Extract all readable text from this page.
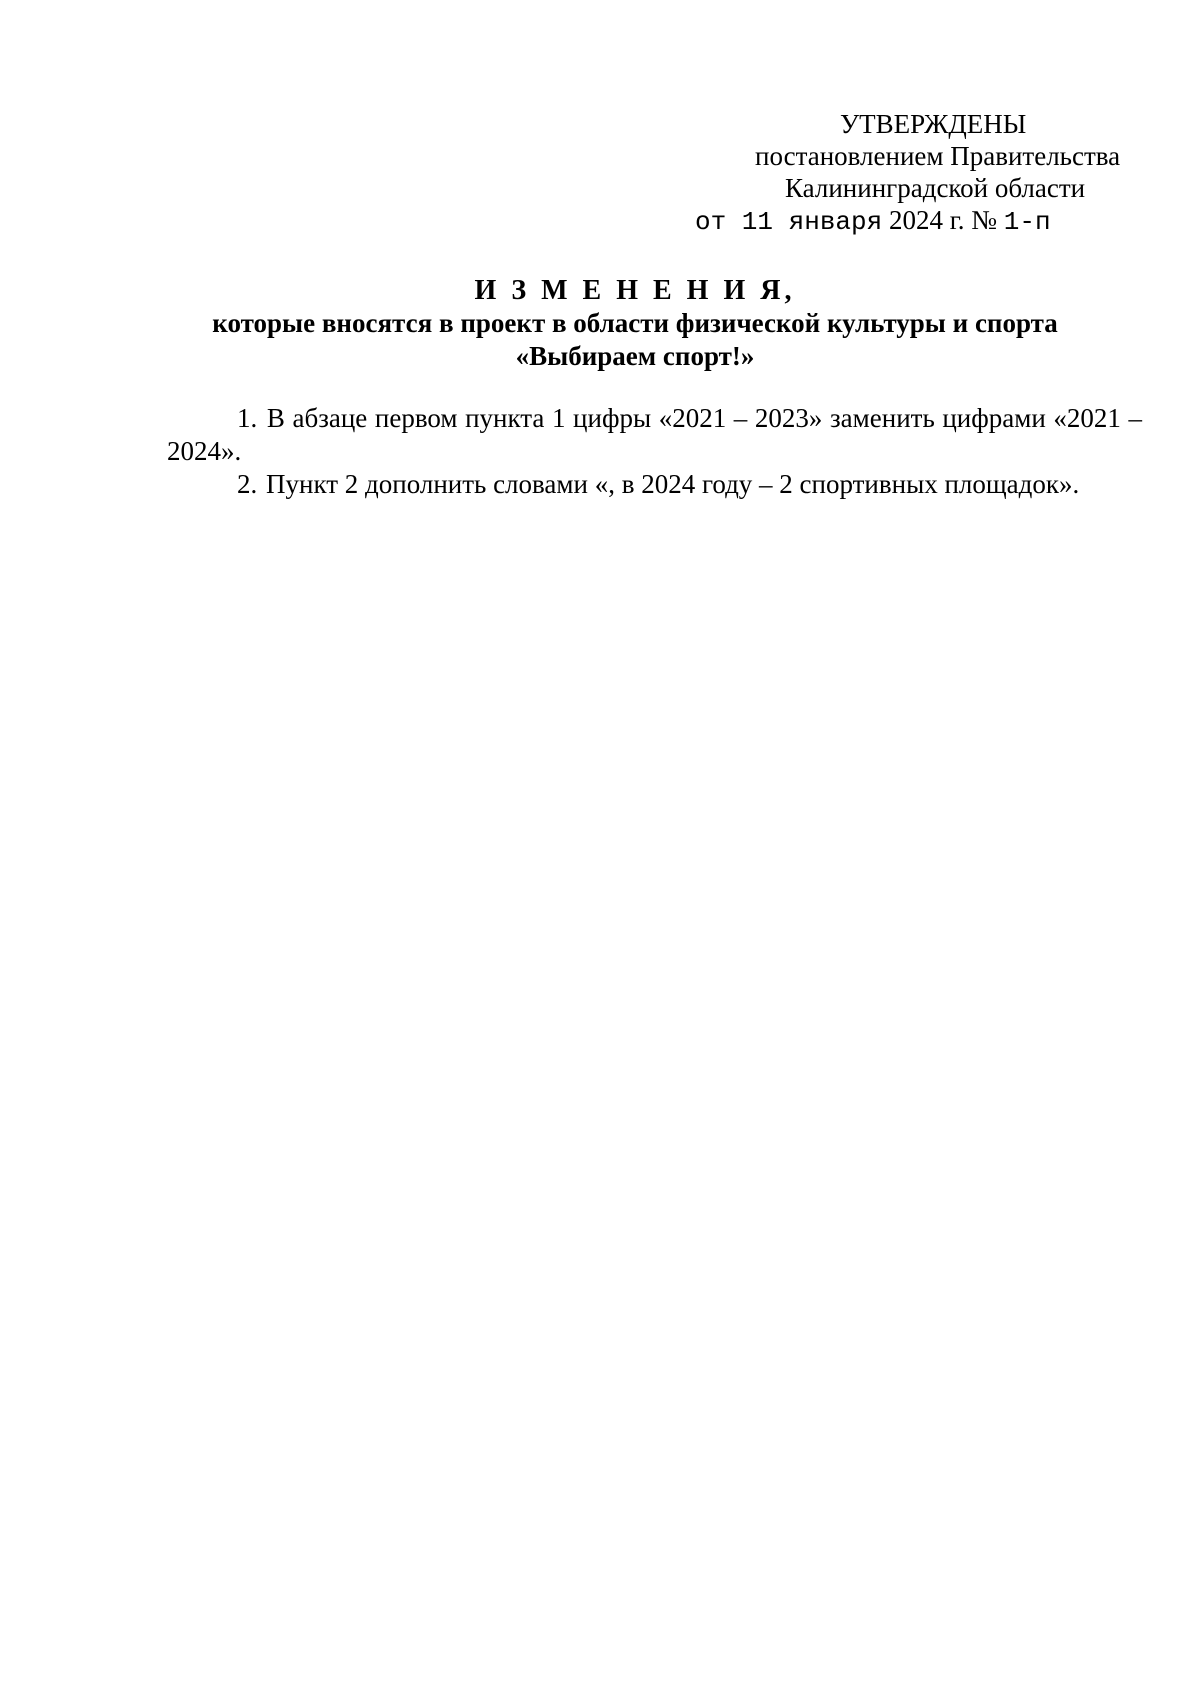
УТВЕРЖДЕНЫ
постановлением Правительства
Калининградской области
от 11 января 2024 г. № 1-п
И З М Е Н Е Н И Я,
которые вносятся в проект в области физической культуры и спорта
«Выбираем спорт!»

1. В абзаце первом пункта 1 цифры «2021 – 2023» заменить цифрами «2021 – 2024».

2. Пункт 2 дополнить словами «, в 2024 году – 2 спортивных площадок».
